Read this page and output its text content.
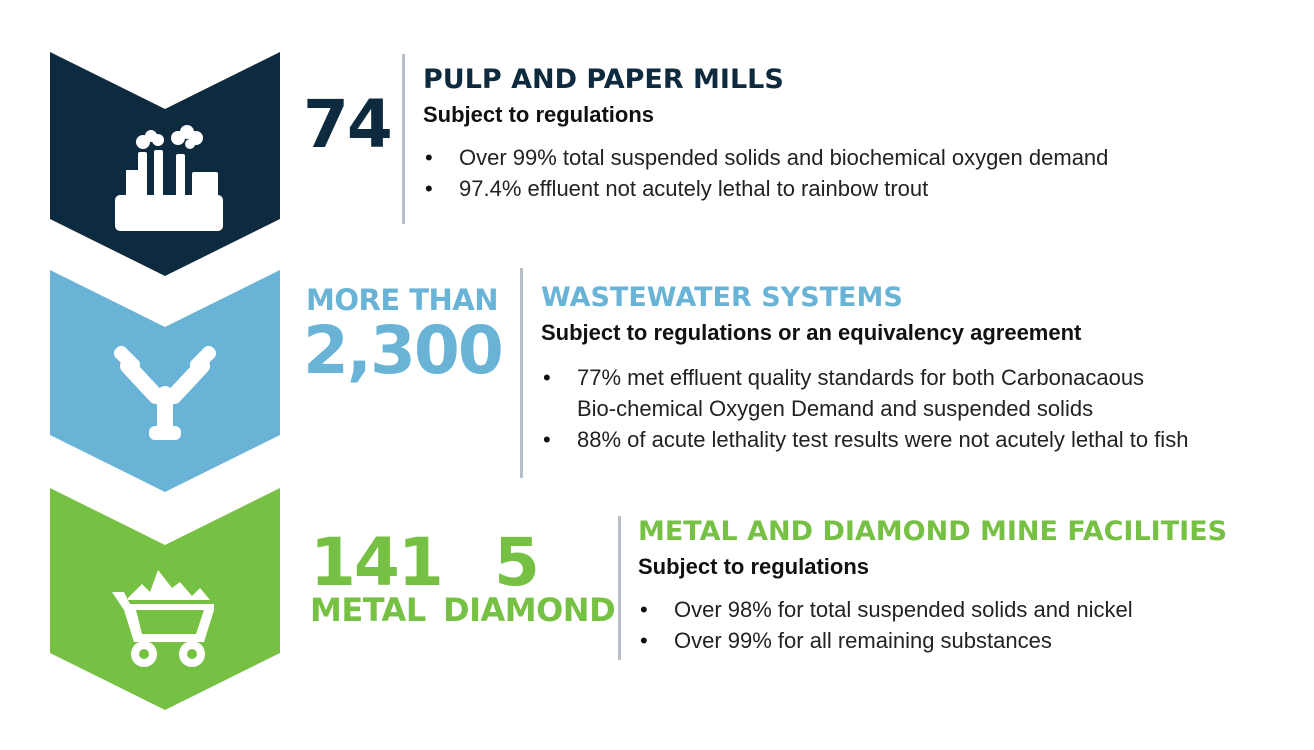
74
PULP AND PAPER MILLS
Subject to regulations
• Over 99% total suspended solids and biochemical oxygen demand
• 97.4% effluent not acutely lethal to rainbow trout
MORE THAN
2,300
WASTEWATER SYSTEMS
Subject to regulations or an equivalency agreement
• 77% met effluent quality standards for both Carbonacaous
Bio-chemical Oxygen Demand and suspended solids
• 88% of acute lethality test results were not acutely lethal to fish
141
METAL
5
DIAMOND
METAL AND DIAMOND MINE FACILITIES
Subject to regulations
• Over 98% for total suspended solids and nickel
• Over 99% for all remaining substances
